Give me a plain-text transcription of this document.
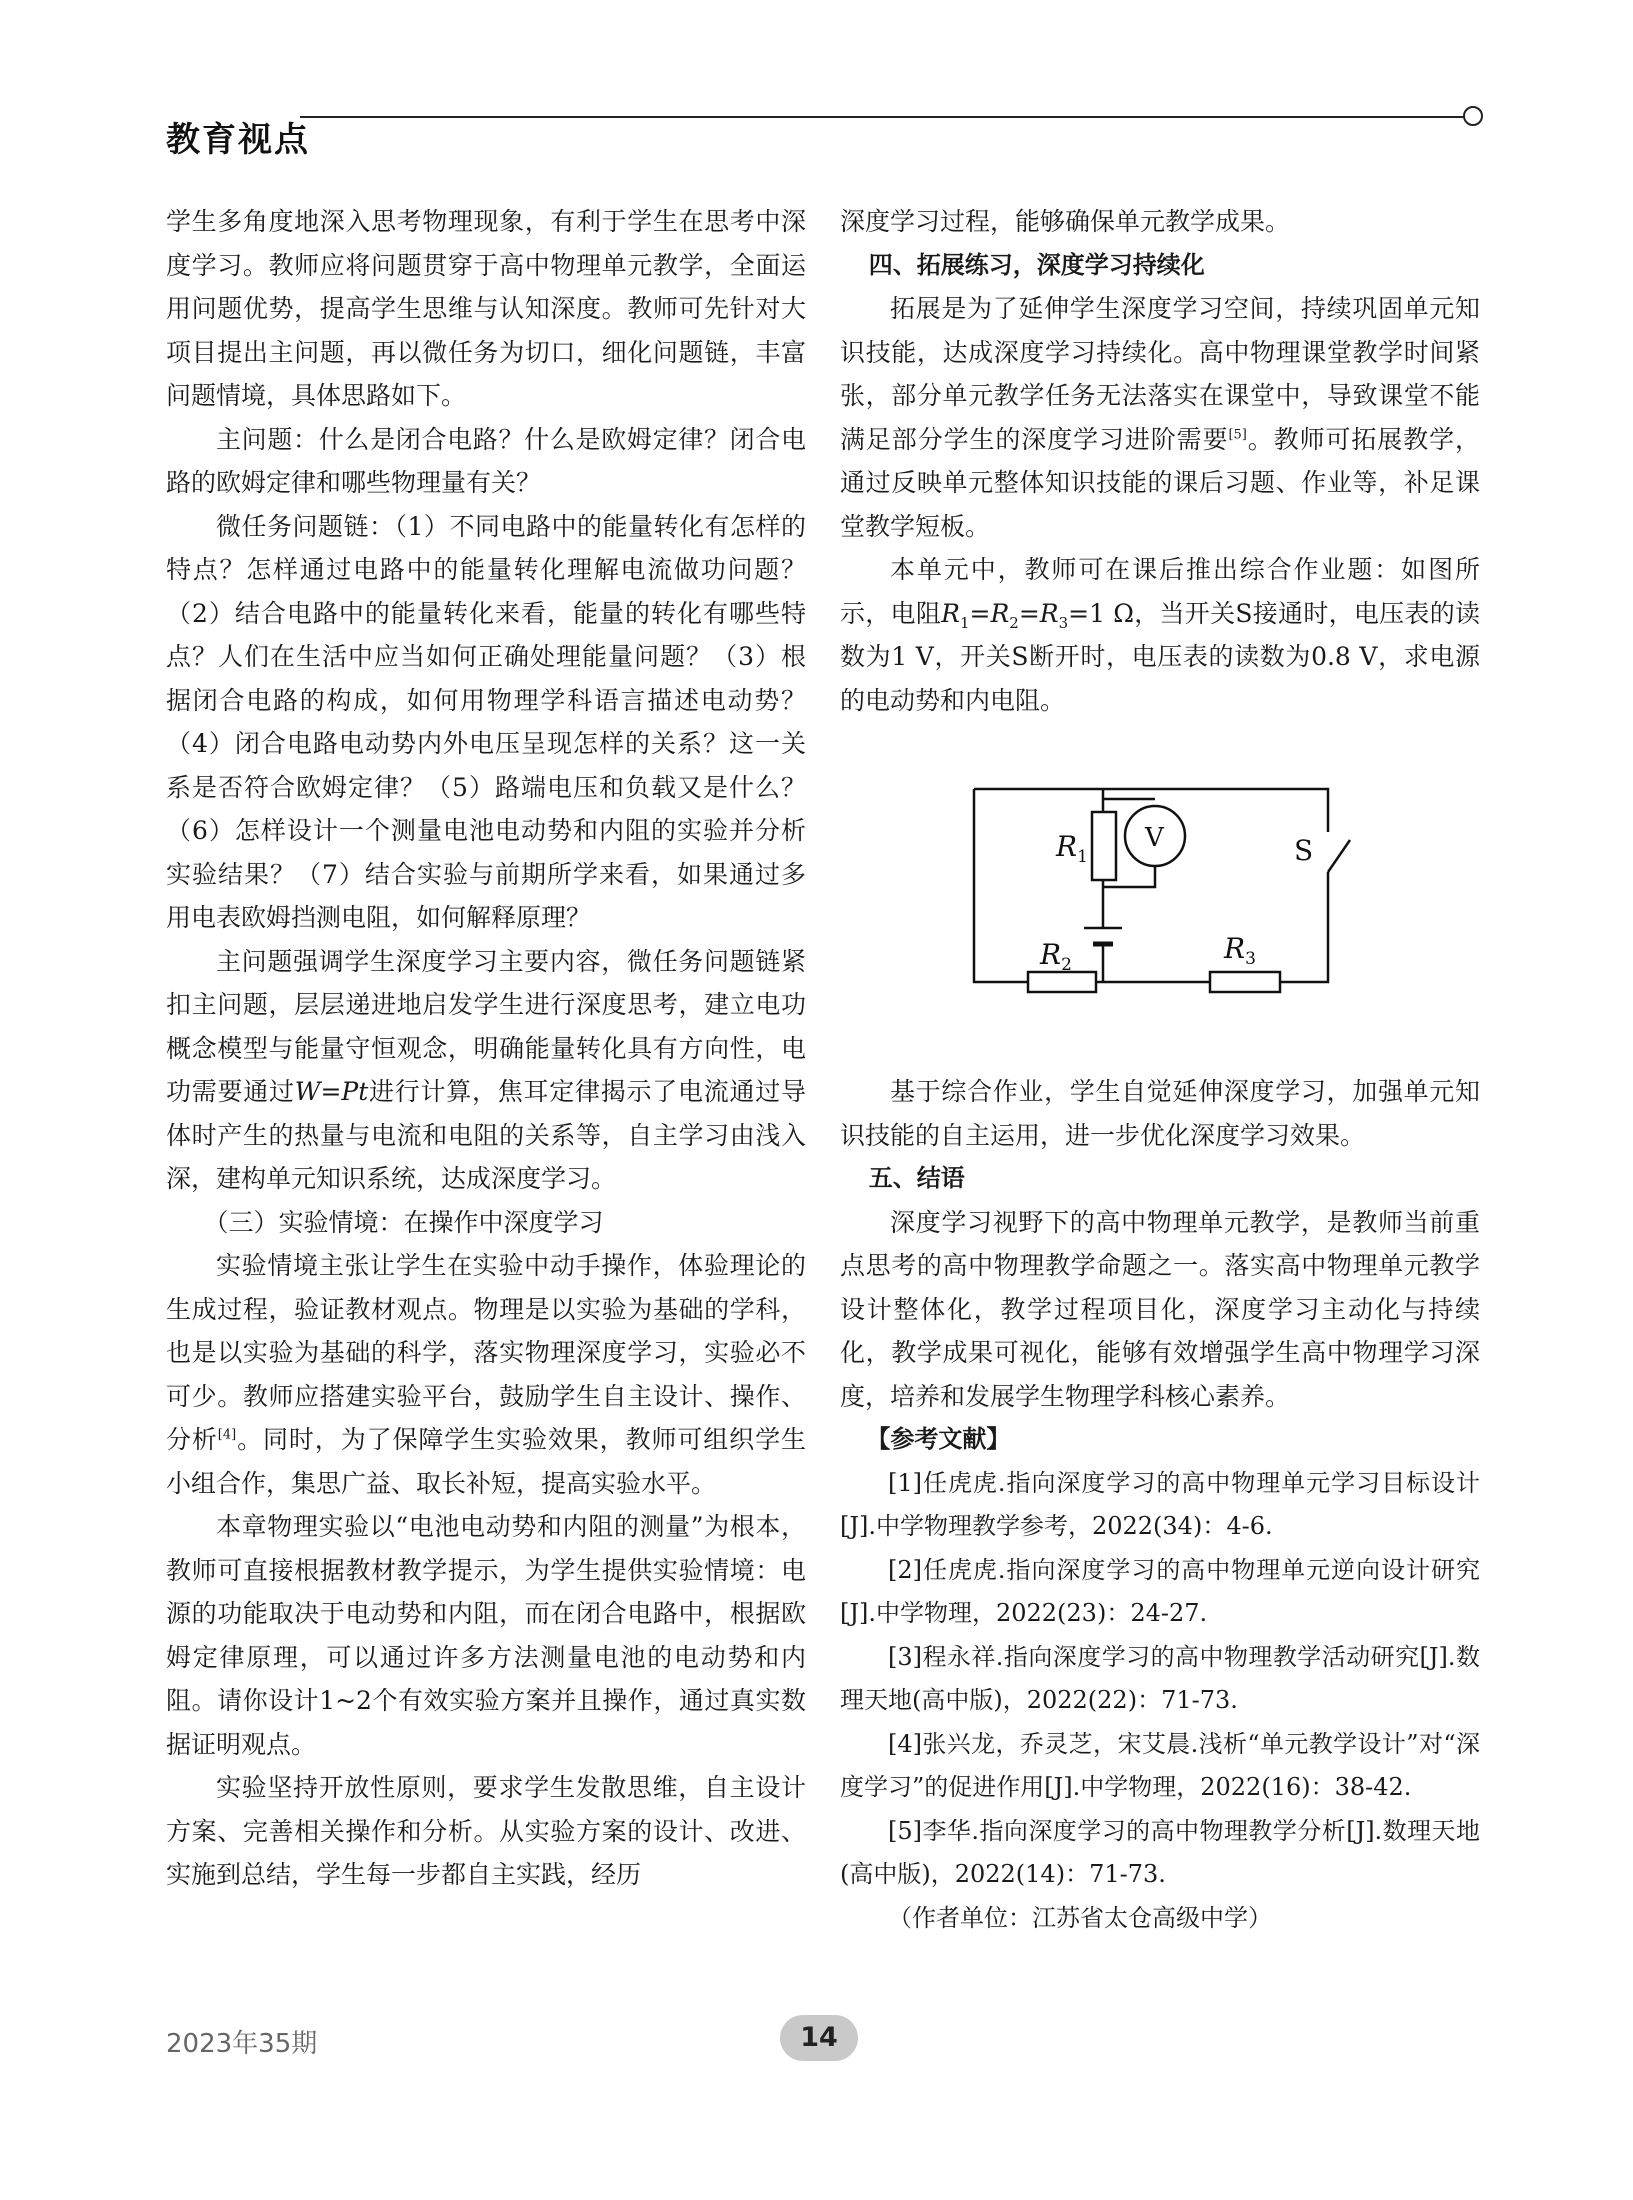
教育视点

学生多角度地深入思考物理现象，有利于学生在思考中深度学习。教师应将问题贯穿于高中物理单元教学，全面运用问题优势，提高学生思维与认知深度。教师可先针对大项目提出主问题，再以微任务为切口，细化问题链，丰富问题情境，具体思路如下。

主问题：什么是闭合电路？什么是欧姆定律？闭合电路的欧姆定律和哪些物理量有关？

微任务问题链：（1）不同电路中的能量转化有怎样的特点？怎样通过电路中的能量转化理解电流做功问题？（2）结合电路中的能量转化来看，能量的转化有哪些特点？人们在生活中应当如何正确处理能量问题？（3）根据闭合电路的构成，如何用物理学科语言描述电动势？（4）闭合电路电动势内外电压呈现怎样的关系？这一关系是否符合欧姆定律？（5）路端电压和负载又是什么？（6）怎样设计一个测量电池电动势和内阻的实验并分析实验结果？（7）结合实验与前期所学来看，如果通过多用电表欧姆挡测电阻，如何解释原理？

主问题强调学生深度学习主要内容，微任务问题链紧扣主问题，层层递进地启发学生进行深度思考，建立电功概念模型与能量守恒观念，明确能量转化具有方向性，电功需要通过W=Pt进行计算，焦耳定律揭示了电流通过导体时产生的热量与电流和电阻的关系等，自主学习由浅入深，建构单元知识系统，达成深度学习。

（三）实验情境：在操作中深度学习

实验情境主张让学生在实验中动手操作，体验理论的生成过程，验证教材观点。物理是以实验为基础的学科，也是以实验为基础的科学，落实物理深度学习，实验必不可少。教师应搭建实验平台，鼓励学生自主设计、操作、分析[4]。同时，为了保障学生实验效果，教师可组织学生小组合作，集思广益、取长补短，提高实验水平。

本章物理实验以“电池电动势和内阻的测量”为根本，教师可直接根据教材教学提示，为学生提供实验情境：电源的功能取决于电动势和内阻，而在闭合电路中，根据欧姆定律原理，可以通过许多方法测量电池的电动势和内阻。请你设计1~2个有效实验方案并且操作，通过真实数据证明观点。

实验坚持开放性原则，要求学生发散思维，自主设计方案、完善相关操作和分析。从实验方案的设计、改进、实施到总结，学生每一步都自主实践，经历

深度学习过程，能够确保单元教学成果。

四、拓展练习，深度学习持续化

拓展是为了延伸学生深度学习空间，持续巩固单元知识技能，达成深度学习持续化。高中物理课堂教学时间紧张，部分单元教学任务无法落实在课堂中，导致课堂不能满足部分学生的深度学习进阶需要[5]。教师可拓展教学，通过反映单元整体知识技能的课后习题、作业等，补足课堂教学短板。

本单元中，教师可在课后推出综合作业题：如图所示，电阻$R_1=R_2=R_3=1$ Ω，当开关S接通时，电压表的读数为1 V，开关S断开时，电压表的读数为0.8 V，求电源的电动势和内电阻。

$R_1$
V	S
$R_2$	$R_3$

基于综合作业，学生自觉延伸深度学习，加强单元知识技能的自主运用，进一步优化深度学习效果。

五、结语

深度学习视野下的高中物理单元教学，是教师当前重点思考的高中物理教学命题之一。落实高中物理单元教学设计整体化，教学过程项目化，深度学习主动化与持续化，教学成果可视化，能够有效增强学生高中物理学习深度，培养和发展学生物理学科核心素养。

【参考文献】

[1]任虎虎.指向深度学习的高中物理单元学习目标设计[J].中学物理教学参考，2022(34)：4-6.

[2]任虎虎.指向深度学习的高中物理单元逆向设计研究[J].中学物理，2022(23)：24-27.

[3]程永祥.指向深度学习的高中物理教学活动研究[J].数理天地(高中版)，2022(22)：71-73.

[4]张兴龙，乔灵芝，宋艾晨.浅析“单元教学设计”对“深度学习”的促进作用[J].中学物理，2022(16)：38-42.

[5]李华.指向深度学习的高中物理教学分析[J].数理天地(高中版)，2022(14)：71-73.

（作者单位：江苏省太仓高级中学）

2023年35期	14
